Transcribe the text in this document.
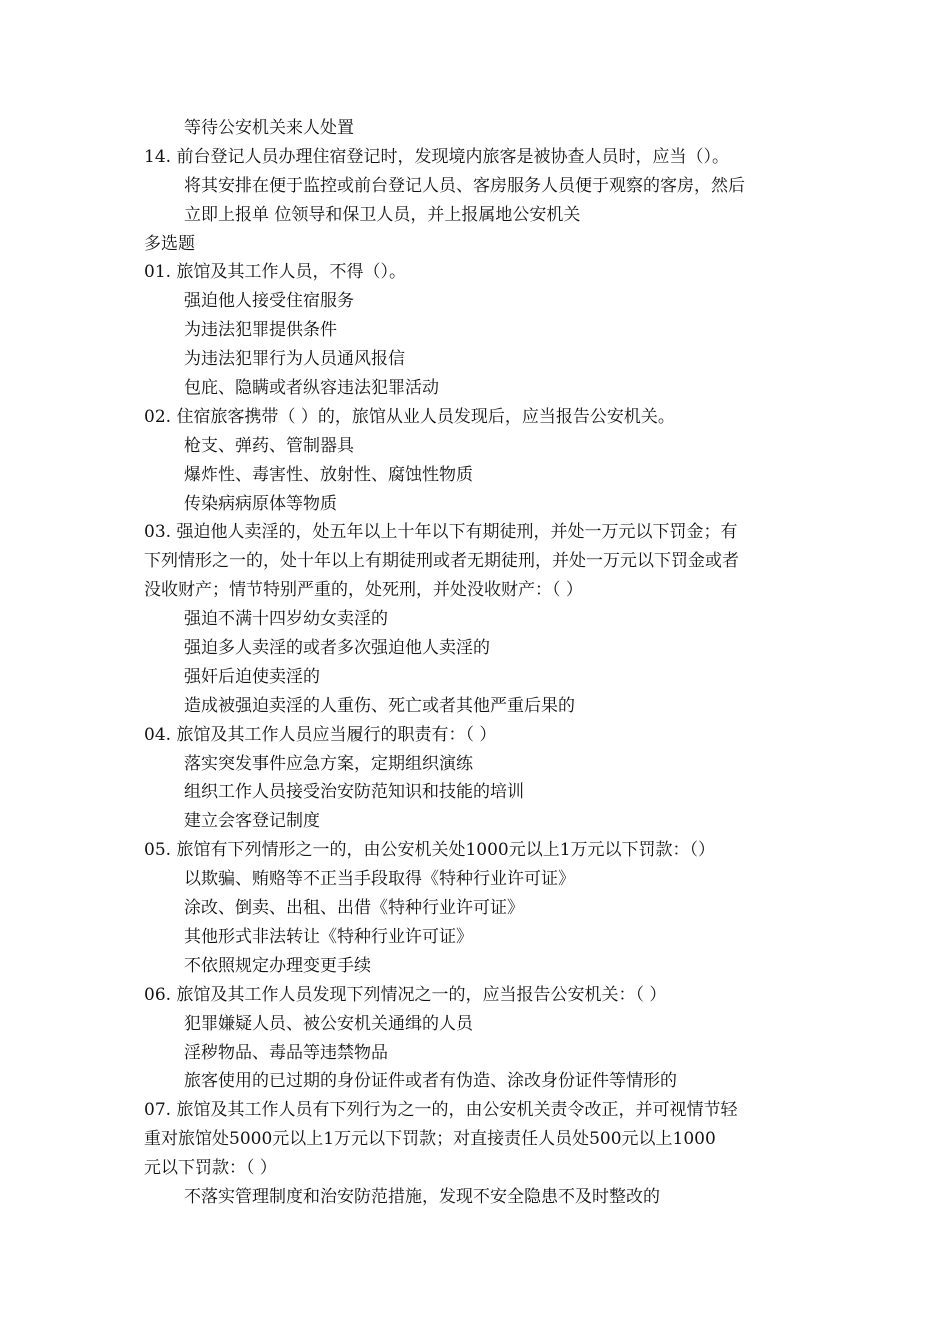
等待公安机关来人处置
14. 前台登记人员办理住宿登记时，发现境内旅客是被协查人员时，应当（）。
将其安排在便于监控或前台登记人员、客房服务人员便于观察的客房，然后
立即上报单 位领导和保卫人员，并上报属地公安机关
多选题
01. 旅馆及其工作人员，不得（）。
强迫他人接受住宿服务
为违法犯罪提供条件
为违法犯罪行为人员通风报信
包庇、隐瞒或者纵容违法犯罪活动
02. 住宿旅客携带（ ）的，旅馆从业人员发现后，应当报告公安机关。
枪支、弹药、管制器具
爆炸性、毒害性、放射性、腐蚀性物质
传染病病原体等物质
03. 强迫他人卖淫的，处五年以上十年以下有期徒刑，并处一万元以下罚金；有
下列情形之一的，处十年以上有期徒刑或者无期徒刑，并处一万元以下罚金或者
没收财产；情节特别严重的，处死刑，并处没收财产：（ ）
强迫不满十四岁幼女卖淫的
强迫多人卖淫的或者多次强迫他人卖淫的
强奸后迫使卖淫的
造成被强迫卖淫的人重伤、死亡或者其他严重后果的
04. 旅馆及其工作人员应当履行的职责有：（ ）
落实突发事件应急方案，定期组织演练
组织工作人员接受治安防范知识和技能的培训
建立会客登记制度
05. 旅馆有下列情形之一的，由公安机关处1000元以上1万元以下罚款：（）
以欺骗、贿赂等不正当手段取得《特种行业许可证》
涂改、倒卖、出租、出借《特种行业许可证》
其他形式非法转让《特种行业许可证》
不依照规定办理变更手续
06. 旅馆及其工作人员发现下列情况之一的，应当报告公安机关：（ ）
犯罪嫌疑人员、被公安机关通缉的人员
淫秽物品、毒品等违禁物品
旅客使用的已过期的身份证件或者有伪造、涂改身份证件等情形的
07. 旅馆及其工作人员有下列行为之一的，由公安机关责令改正，并可视情节轻
重对旅馆处5000元以上1万元以下罚款；对直接责任人员处500元以上1000
元以下罚款：（ ）
不落实管理制度和治安防范措施，发现不安全隐患不及时整改的
